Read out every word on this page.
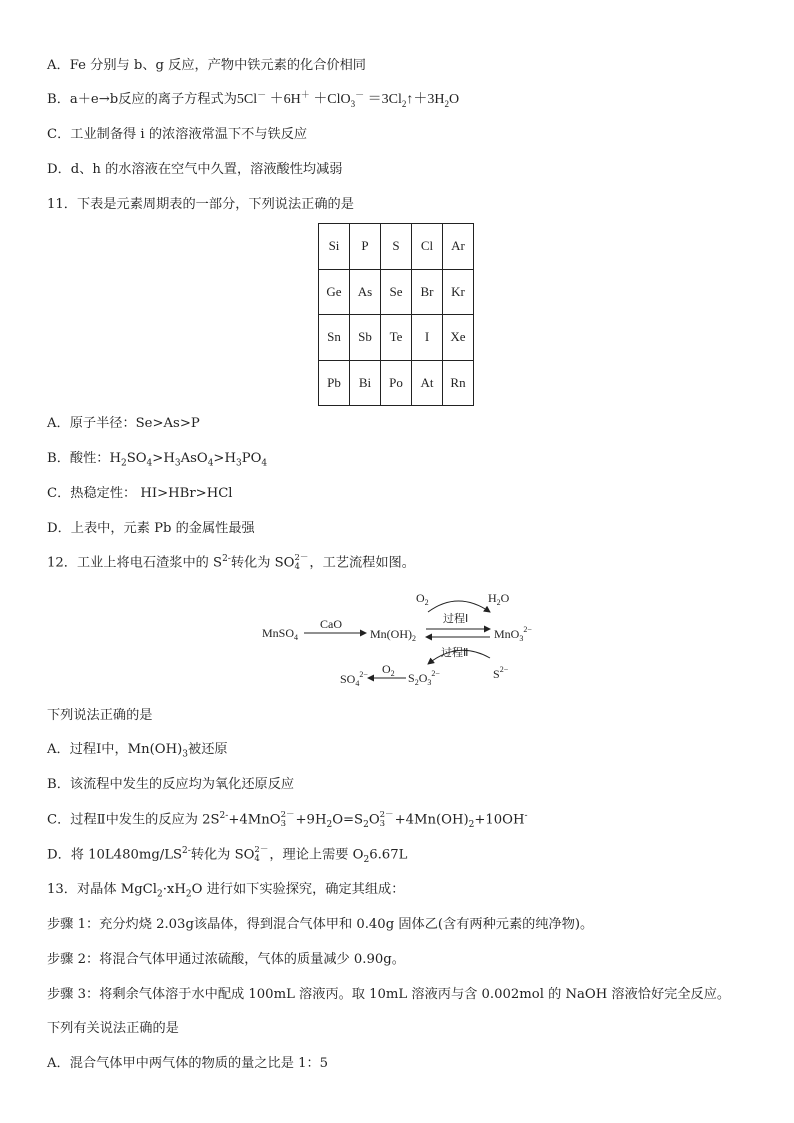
A．Fe 分别与 b、g 反应，产物中铁元素的化合价相同
B．a＋e→b反应的离子方程式为$5Cl^- +6H^+ +ClO_3^- =3Cl_2↑+3H_2O$
C．工业制备得 i 的浓溶液常温下不与铁反应
D．d、h 的水溶液在空气中久置，溶液酸性均减弱
11．下表是元素周期表的一部分，下列说法正确的是
Si	P	S	Cl	Ar
Ge	As	Se	Br	Kr
Sn	Sb	Te	I	Xe
Pb	Bi	Po	At	Rn
A．原子半径：Se>As>P
B．酸性：$H_2SO_4>H_3AsO_4>H_3PO_4$
C．热稳定性： HI>HBr>HCl
D．上表中，元素 Pb 的金属性最强
12．工业上将电石渣浆中的 $S^{2-}$转化为 SO 2－
4 ，工艺流程如图。
MnSO$_4$
CaO
$Mn(OH)_2$	MnO$_3^{2-}$
$O_2$	$H_2O$
过程Ⅰ
过程Ⅱ
$S^{2-}$
$S_2O_3^{2-}$
$O_2$
$SO_4^{2-}$
下列说法正确的是
A．过程Ⅰ中，$Mn(OH)_3$被还原
B．该流程中发生的反应均为氧化还原反应
C．过程Ⅱ中发生的反应为 $2S^{2-}+4MnO$ 2－
$3 +9H_2O=S_2O$ 2－
$3 +4Mn(OH)_2+10OH^-$
D．将 $10L480mg/LS^{2-}$转化为 SO 2－
4 ，理论上需要 $O_26.67L$
13．对晶体 $MgCl_2\cdot xH_2O$ 进行如下实验探究，确定其组成：
步骤 1：充分灼烧 2.03g该晶体，得到混合气体甲和 0.40g 固体乙(含有两种元素的纯净物)。
步骤 2：将混合气体甲通过浓硫酸，气体的质量减少 0.90g。
步骤 3：将剩余气体溶于水中配成 100mL 溶液丙。取 10mL 溶液丙与含 0.002mol 的 NaOH 溶液恰好完全反应。
下列有关说法正确的是
A．混合气体甲中两气体的物质的量之比是 1：5
